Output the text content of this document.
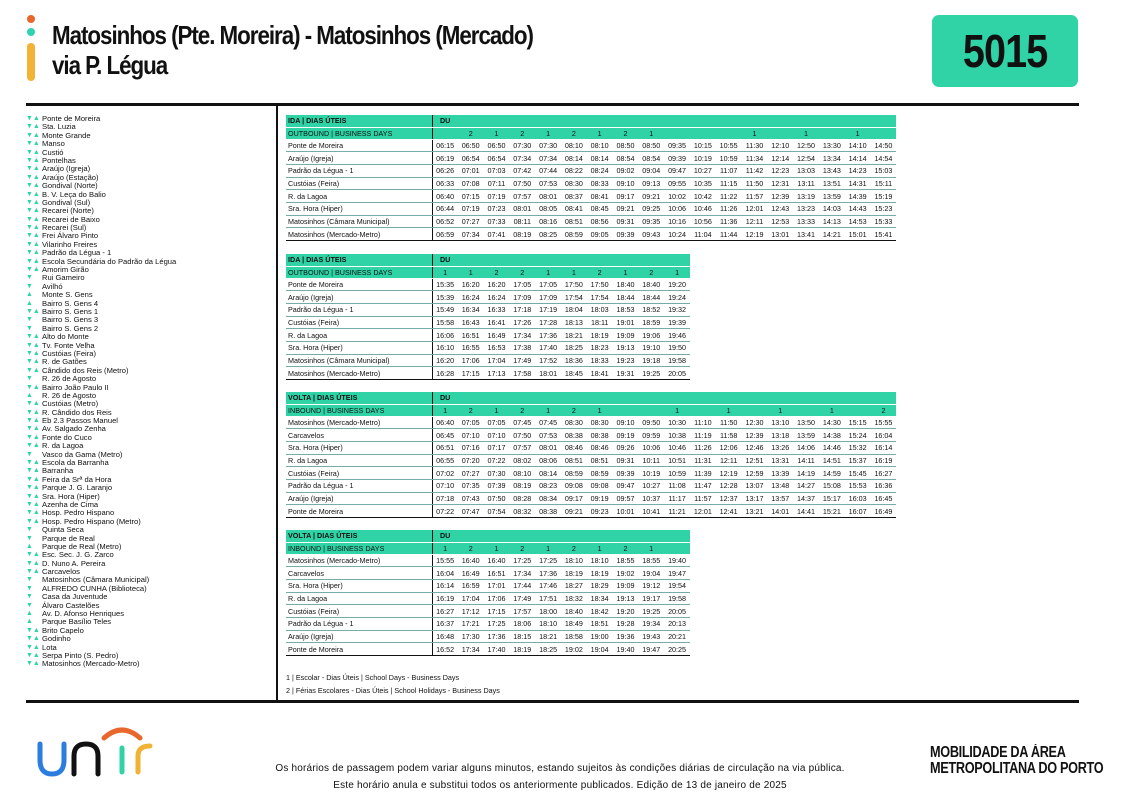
Matosinhos (Pte. Moreira) - Matosinhos (Mercado)
via P. Légua	5015
▼▲ Ponte de Moreira
▼▲ Sta. Luzia
▼▲ Monte Grande
▼▲ Manso
▼▲ Custió
▼▲ Pontelhas
▼▲ Araújo (Igreja)
▼▲ Araújo (Estação)
▼▲ Gondival (Norte)
▼▲ B. V. Leça do Balio
▼▲ Gondival (Sul)
▼▲ Recarei (Norte)
▼▲ Recarei de Baixo
▼▲ Recarei (Sul)
▼▲ Frei Álvaro Pinto
▼▲ Vilarinho Freires
▼▲ Padrão da Légua - 1
▼▲ Escola Secundária do Padrão da Légua
▼▲ Amorim Girão
▼	Rui Gameiro
▼	Avilhó
▲	Monte S. Gens
▲	Bairro S. Gens 4
▼▲ Bairro S. Gens 1
▼	Bairro S. Gens 3
▼	Bairro S. Gens 2
▼▲ Alto do Monte
▼▲ Tv. Fonte Velha
▼▲ Custóias (Feira)
▼▲ R. de Gatões
▼▲ Cândido dos Reis (Metro)
▼	R. 26 de Agosto
▼▲ Bairro João Paulo II
▲	R. 26 de Agosto
▼▲ Custóias (Metro)
▼▲ R. Cândido dos Reis
▼▲ Eb 2.3 Passos Manuel
▼▲ Av. Salgado Zenha
▼▲ Fonte do Cuco
▼▲ R. da Lagoa
▼	Vasco da Gama (Metro)
▼▲ Escola da Barranha
▼▲ Barranha
▼▲ Feira da Srª da Hora
▼▲ Parque J. G. Laranjo
▼▲ Sra. Hora (Hiper)
▼▲ Azenha de Cima
▼▲ Hosp. Pedro Hispano
▼▲ Hosp. Pedro Hispano (Metro)
▼	Quinta Seca
▼	Parque de Real
▲	Parque de Real (Metro)
▼▲ Esc. Sec. J. G. Zarco
▼▲ D. Nuno A. Pereira
▼▲ Carcavelos
▼	Matosinhos (Câmara Municipal)
▼	ALFREDO CUNHA (Biblioteca)
▼	Casa da Juventude
▼	Álvaro Castelões
▲	Av. D. Afonso Henriques
▲	Parque Basílio Teles
▼▲ Brito Capelo
▼▲ Godinho
▼▲ Lota
▼▲ Serpa Pinto (S. Pedro)
▼▲ Matosinhos (Mercado-Metro)
IDA | DIAS ÚTEIS	DU																	
OUTBOUND | BUSINESS DAYS		2	1	2	1	2	1	2	1				1		1		1	
Ponte de Moreira	06:15	06:50	06:50	07:30	07:30	08:10	08:10	08:50	08:50	09:35	10:15	10:55	11:30	12:10	12:50	13:30	14:10	14:50
Araújo (Igreja)	06:19	06:54	06:54	07:34	07:34	08:14	08:14	08:54	08:54	09:39	10:19	10:59	11:34	12:14	12:54	13:34	14:14	14:54
Padrão da Légua - 1	06:26	07:01	07:03	07:42	07:44	08:22	08:24	09:02	09:04	09:47	10:27	11:07	11:42	12:23	13:03	13:43	14:23	15:03
Custóias (Feira)	06:33	07:08	07:11	07:50	07:53	08:30	08:33	09:10	09:13	09:55	10:35	11:15	11:50	12:31	13:11	13:51	14:31	15:11
R. da Lagoa	06:40	07:15	07:19	07:57	08:01	08:37	08:41	09:17	09:21	10:02	10:42	11:22	11:57	12:39	13:19	13:59	14:39	15:19
Sra. Hora (Hiper)	06:44	07:19	07:23	08:01	08:05	08:41	08:45	09:21	09:25	10:06	10:46	11:26	12:01	12:43	13:23	14:03	14:43	15:23
Matosinhos (Câmara Municipal)	06:52	07:27	07:33	08:11	08:16	08:51	08:56	09:31	09:35	10:16	10:56	11:36	12:11	12:53	13:33	14:13	14:53	15:33
Matosinhos (Mercado-Metro)	06:59	07:34	07:41	08:19	08:25	08:59	09:05	09:39	09:43	10:24	11:04	11:44	12:19	13:01	13:41	14:21	15:01	15:41
IDA | DIAS ÚTEIS	DU									
OUTBOUND | BUSINESS DAYS	1	1	2	2	1	1	2	1	2	1
Ponte de Moreira	15:35	16:20	16:20	17:05	17:05	17:50	17:50	18:40	18:40	19:20
Araújo (Igreja)	15:39	16:24	16:24	17:09	17:09	17:54	17:54	18:44	18:44	19:24
Padrão da Légua - 1	15:49	16:34	16:33	17:18	17:19	18:04	18:03	18:53	18:52	19:32
Custóias (Feira)	15:58	16:43	16:41	17:26	17:28	18:13	18:11	19:01	18:59	19:39
R. da Lagoa	16:06	16:51	16:49	17:34	17:36	18:21	18:19	19:09	19:06	19:46
Sra. Hora (Hiper)	16:10	16:55	16:53	17:38	17:40	18:25	18:23	19:13	19:10	19:50
Matosinhos (Câmara Municipal)	16:20	17:06	17:04	17:49	17:52	18:36	18:33	19:23	19:18	19:58
Matosinhos (Mercado-Metro)	16:28	17:15	17:13	17:58	18:01	18:45	18:41	19:31	19:25	20:05
VOLTA | DIAS ÚTEIS	DU																	
INBOUND | BUSINESS DAYS	1	2	1	2	1	2	1			1		1		1		1		2
Matosinhos (Mercado-Metro)	06:40	07:05	07:05	07:45	07:45	08:30	08:30	09:10	09:50	10:30	11:10	11:50	12:30	13:10	13:50	14:30	15:15	15:55
Carcavelos	06:45	07:10	07:10	07:50	07:53	08:38	08:38	09:19	09:59	10:38	11:19	11:58	12:39	13:18	13:59	14:38	15:24	16:04
Sra. Hora (Hiper)	06:51	07:16	07:17	07:57	08:01	08:46	08:46	09:26	10:06	10:46	11:26	12:06	12:46	13:26	14:06	14:46	15:32	16:14
R. da Lagoa	06:55	07:20	07:22	08:02	08:06	08:51	08:51	09:31	10:11	10:51	11:31	12:11	12:51	13:31	14:11	14:51	15:37	16:19
Custóias (Feira)	07:02	07:27	07:30	08:10	08:14	08:59	08:59	09:39	10:19	10:59	11:39	12:19	12:59	13:39	14:19	14:59	15:45	16:27
Padrão da Légua - 1	07:10	07:35	07:39	08:19	08:23	09:08	09:08	09:47	10:27	11:08	11:47	12:28	13:07	13:48	14:27	15:08	15:53	16:36
Araújo (Igreja)	07:18	07:43	07:50	08:28	08:34	09:17	09:19	09:57	10:37	11:17	11:57	12:37	13:17	13:57	14:37	15:17	16:03	16:45
Ponte de Moreira	07:22	07:47	07:54	08:32	08:38	09:21	09:23	10:01	10:41	11:21	12:01	12:41	13:21	14:01	14:41	15:21	16:07	16:49
VOLTA | DIAS ÚTEIS	DU									
INBOUND | BUSINESS DAYS	1	2	1	2	1	2	1	2	1	
Matosinhos (Mercado-Metro)	15:55	16:40	16:40	17:25	17:25	18:10	18:10	18:55	18:55	19:40
Carcavelos	16:04	16:49	16:51	17:34	17:36	18:19	18:19	19:02	19:04	19:47
Sra. Hora (Hiper)	16:14	16:59	17:01	17:44	17:46	18:27	18:29	19:09	19:12	19:54
R. da Lagoa	16:19	17:04	17:06	17:49	17:51	18:32	18:34	19:13	19:17	19:58
Custóias (Feira)	16:27	17:12	17:15	17:57	18:00	18:40	18:42	19:20	19:25	20:05
Padrão da Légua - 1	16:37	17:21	17:25	18:06	18:10	18:49	18:51	19:28	19:34	20:13
Araújo (Igreja)	16:48	17:30	17:36	18:15	18:21	18:58	19:00	19:36	19:43	20:21
Ponte de Moreira	16:52	17:34	17:40	18:19	18:25	19:02	19:04	19:40	19:47	20:25
1 | Escolar - Dias Úteis | School Days - Business Days
2 | Férias Escolares - Dias Úteis | School Holidays - Business Days
Os horários de passagem podem variar alguns minutos, estando sujeitos às condições diárias de circulação na via pública.
Este horário anula e substitui todos os anteriormente publicados. Edição de 13 de janeiro de 2025
MOBILIDADE DA ÁREA
METROPOLITANA DO PORTO
